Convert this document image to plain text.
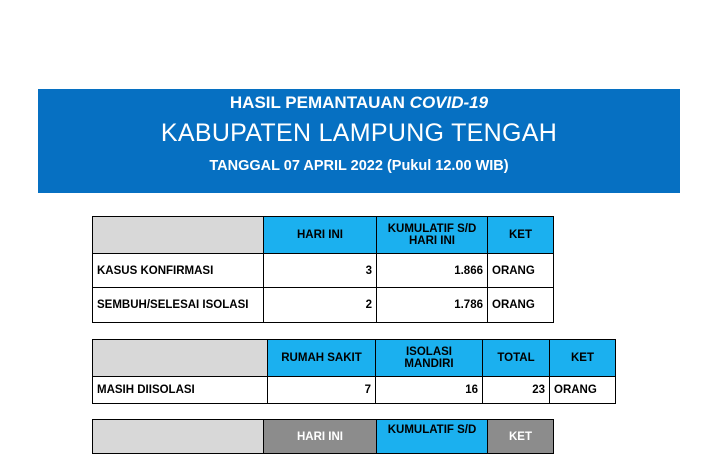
HASIL PEMANTAUAN COVID-19
KABUPATEN LAMPUNG TENGAH
TANGGAL 07 APRIL 2022 (Pukul 12.00 WIB)
	HARI INI	KUMULATIF S/D HARI INI	KET
KASUS KONFIRMASI	3	1.866	ORANG
SEMBUH/SELESAI ISOLASI	2	1.786	ORANG
	RUMAH SAKIT	ISOLASI MANDIRI	TOTAL	KET
MASIH DIISOLASI	7	16	23	ORANG
	HARI INI	KUMULATIF S/D	KET
